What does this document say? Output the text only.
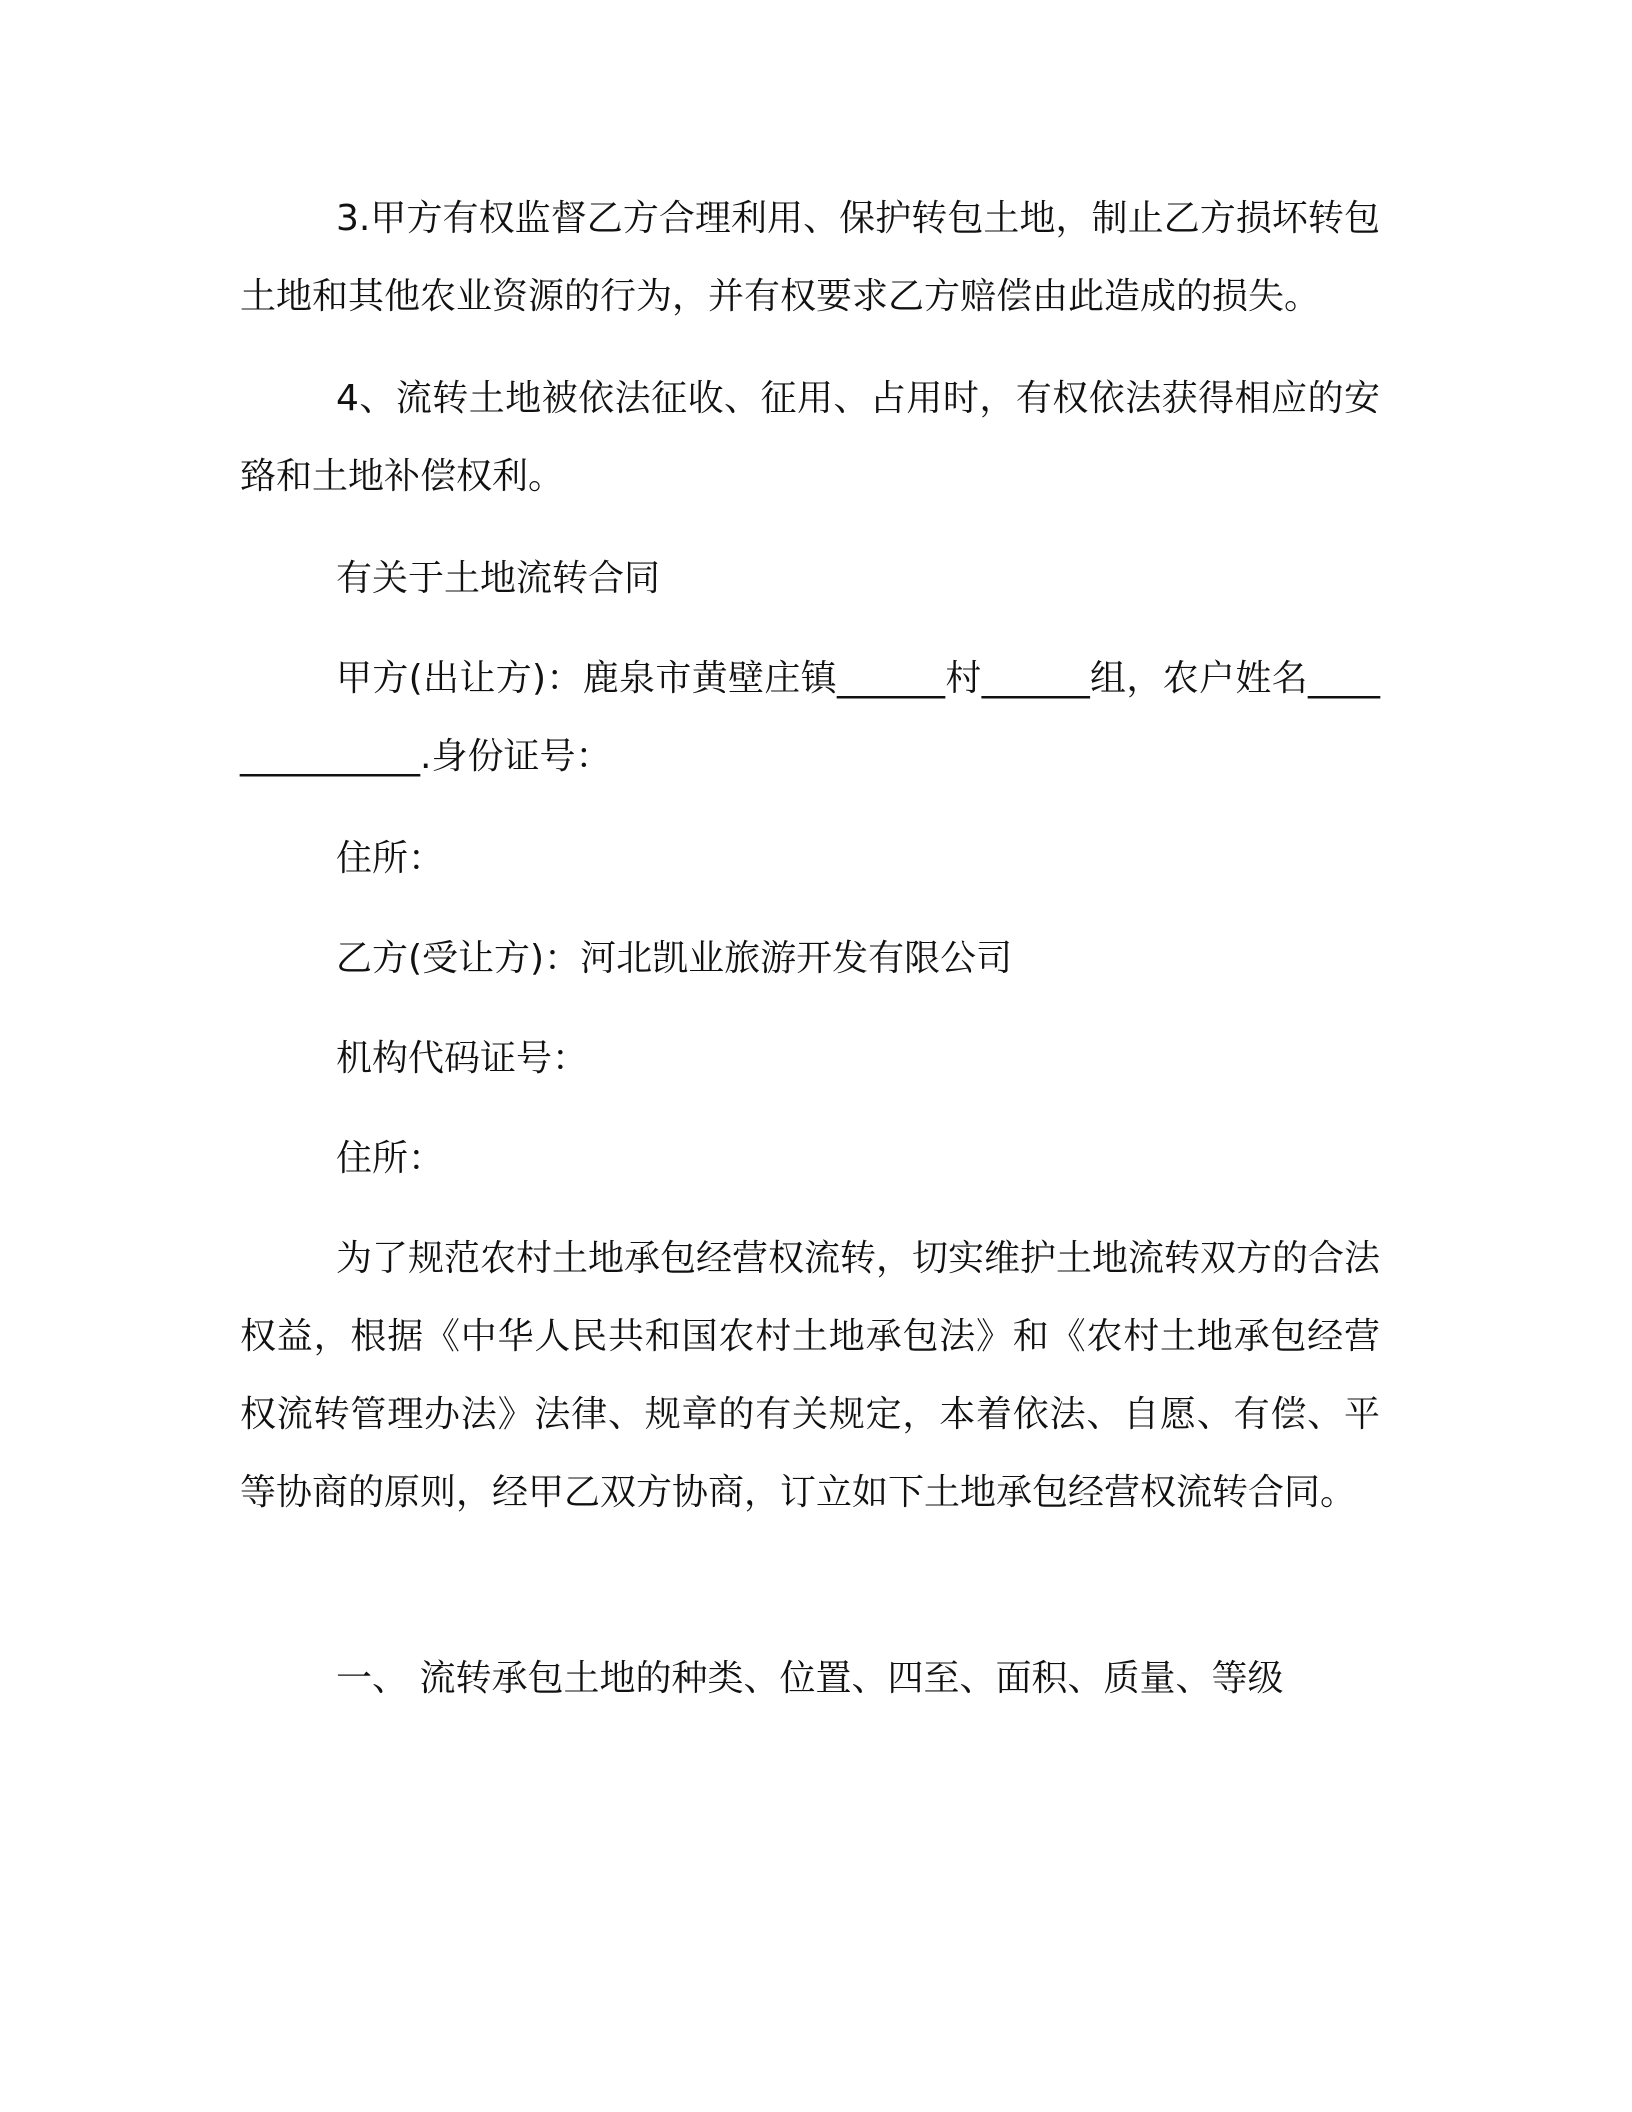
3.甲方有权监督乙方合理利用、保护转包土地，制止乙方损坏转包土地和其他农业资源的行为，并有权要求乙方赔偿由此造成的损失。

4、流转土地被依法征收、征用、占用时，有权依法获得相应的安臵和土地补偿权利。

有关于土地流转合同

甲方(出让方)：鹿泉市黄壁庄镇______村______组，农户姓名______________.身份证号：

住所：

乙方(受让方)：河北凯业旅游开发有限公司

机构代码证号：

住所：

为了规范农村土地承包经营权流转，切实维护土地流转双方的合法权益，根据《中华人民共和国农村土地承包法》和《农村土地承包经营权流转管理办法》法律、规章的有关规定，本着依法、自愿、有偿、平等协商的原则，经甲乙双方协商，订立如下土地承包经营权流转合同。

一、 流转承包土地的种类、位置、四至、面积、质量、等级
